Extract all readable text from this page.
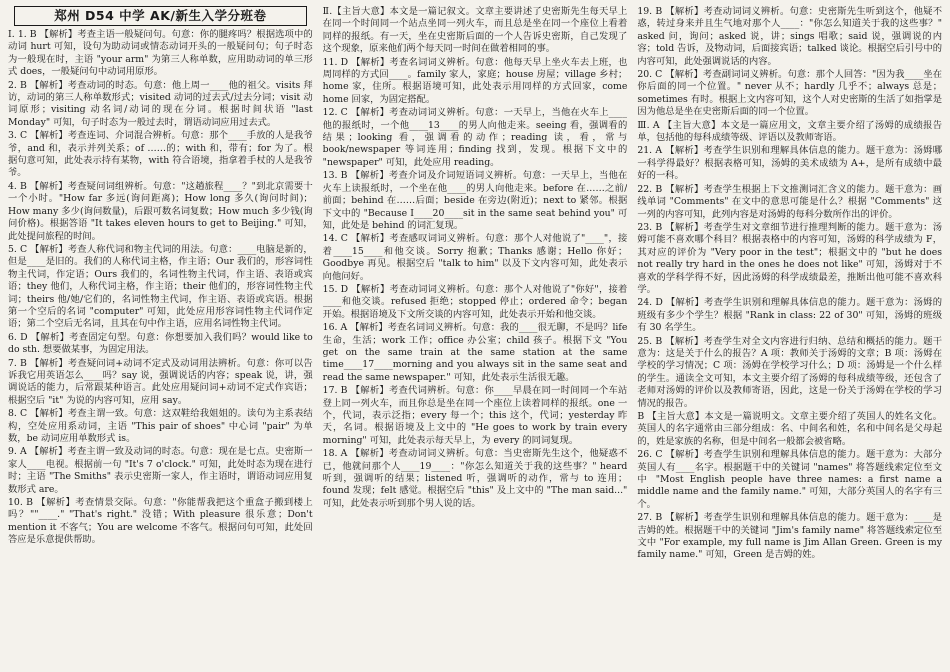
郑州 D54 中学 AK/新生入学分班卷

Ⅰ. 1. B 【解析】考查主语一般疑问句。句意：你的腿疼吗？根据选项中的动词 hurt 可知，设句为助动词或情态动词开头的一般疑问句；句子时态为一般现在时，主语 "your arm" 为第三人称单数，应用助动词的单三形式 does，一般疑问句中动词用原形。

2. B 【解析】考查动词的时态。句意：他上周一____他的祖父。visits 拜访，动词的第三人称单数形式；visited 动词的过去式/过去分词；visit 动词原形；visiting 动名词/动词的现在分词。根据时间状语 "last Monday" 可知，句子时态为一般过去时，谓语动词应用过去式。

3. C 【解析】考查连词、介词混合辨析。句意：那个____手放的人是我爷爷，and 和，表示并列关系；of ……的；with 和，带有；for 为了。根据句意可知，此处表示持有某物，with 符合语境，指拿着手杖的人是我爷爷。

4. B 【解析】考查疑问词组辨析。句意："这趟旅程____？"到北京需要十一个小时。"How far 多远(询问距离)；How long 多久(询问时间)；How many 多少(询问数量)，后跟可数名词复数；How much 多少钱(询问价格)。根据答语 "It takes eleven hours to get to Beijing." 可知，此处提问旅程的时间。

5. C 【解析】考查人称代词和物主代词的用法。句意：____电脑是新的，但是____是旧的。我们的人称代词主格，作主语；Our 我们的，形容词性物主代词，作定语；Ours 我们的，名词性物主代词，作主语、表语或宾语；they 他们，人称代词主格，作主语；their 他们的，形容词性物主代词；theirs 他/她/它们的，名词性物主代词，作主语、表语或宾语。根据第一个空后的名词 "computer" 可知，此处应用形容词性物主代词作定语；第二个空后无名词，且其在句中作主语，应用名词性物主代词。

6. D 【解析】考查固定句型。句意：你想要加入我们吗？would like to do sth. 想要做某事，为固定用法。

7. B 【解析】考查疑问词+动词不定式及动词用法辨析。句意：你可以告诉我它用英语怎么____吗？say 说，强调说话的内容；speak 说，讲，强调说话的能力，后常跟某种语言。此处应用疑问词+动词不定式作宾语；根据空后 "it" 为说的内容可知，应用 say。

8. C 【解析】考查主谓一致。句意：这双鞋给我姐姐的。读句为主系表结构，空处应用系动词，主语 "This pair of shoes" 中心词 "pair" 为单数，be 动词应用单数形式 is。

9. A 【解析】考查主谓一致及动词的时态。句意：现在是七点。史密斯一家人____电视。根据前一句 "It's 7 o'clock." 可知，此处时态为现在进行时；主语 "The Smiths" 表示史密斯一家人，作主语时，谓语动词应用复数形式 are。

10. B 【解析】考查情景交际。句意："你能帮我把这个重盒子搬到楼上吗？""____." "That's right." 没错；With pleasure 很乐意；Don't mention it 不客气；You are welcome 不客气。根据问句可知，此处回答应是乐意提供帮助。

Ⅱ.【主旨大意】本文是一篇记叙文。文章主要讲述了史密斯先生每天早上在同一个时间同一个站点坐同一列火车，而且总是坐在同一个座位上看着同样的报纸。有一天，坐在史密斯后面的一个人告诉史密斯，自己发现了这个现象，原来他们两个每天同一时间在做着相同的事。

11. D 【解析】考查名词词义辨析。句意：他每天早上坐火车去上班，也周同样的方式回____。family 家人，家庭；house 房屋；village 乡村；home 家，住所。根据语境可知，此处表示用同样的方式回家，come home 回家，为固定搭配。

12. C 【解析】考查动词词义辨析。句意：一天早上，当他在火车上____他的报纸时，一个他____13____的男人向他走来。seeing 看，强调看的结果；looking 看，强调看的动作；reading 读，看，常与 book/newspaper 等词连用；finding 找到，发现。根据下文中的 "newspaper" 可知，此处应用 reading。

13. B 【解析】考查介词及介词短语词义辨析。句意：一天早上，当他在火车上读报纸时，一个坐在他____的男人向他走来。before 在……之前/前面；behind 在……后面；beside 在旁边(附近)；next to 紧邻。根据下文中的 "Because I____20____sit in the same seat behind you" 可知，此处是 behind 的词汇复现。

14. C 【解析】考查感叹词词义辨析。句意：那个人对他说了"____"，接着____15____和他交谈。Sorry 抱歉；Thanks 感谢；Hello 你好；Goodbye 再见。根据空后 "talk to him" 以及下文内容可知，此处表示向他问好。

15. D 【解析】考查动词词义辨析。句意：那个人对他说了"你好"，接着____和他交谈。refused 拒绝；stopped 停止；ordered 命令；began 开始。根据语境及下文所交谈的内容可知，此处表示开始和他交谈。

16. A 【解析】考查名词词义辨析。句意：我的____很无聊，不是吗？life 生命，生活；work 工作；office 办公室；child 孩子。根据下文 "You get on the same train at the same station at the same time____17____morning and you always sit in the same seat and read the same newspaper." 可知，此处表示生活很无趣。

17. B 【解析】考查代词辨析。句意：你____早晨在同一时间同一个车站登上同一列火车，而且你总是坐在同一个座位上读着同样的报纸。one 一个，代词，表示泛指；every 每一个；this 这个，代词；yesterday 昨天，名词。根据语境及上文中的 "He goes to work by train every morning" 可知，此处表示每天早上，为 every 的同词复现。

18. A 【解析】考查动词词义辨析。句意：当史密斯先生这个，他疑惑不已，他就问那个人____19____："你怎么知道关于我的这些事？" heard 听到，强调听的结果；listened 听，强调听的动作，常与 to 连用；found 发现；felt 感觉。根据空后 "this" 及上文中的 "The man said..." 可知，此处表示听到那个男人说的话。

19. B 【解析】考查动词词义辨析。句意：史密斯先生听到这个，他疑不惑，转过身来并且生气地对那个人____："你怎么知道关于我的这些事？" asked 问，询问；asked 说，讲；sings 唱歌；said 说，强调说的内容；told 告诉，及物动词，后面接宾语；talked 谈论。根据空后引号中的内容可知，此处强调说话的内容。

20. C 【解析】考查副词词义辨析。句意：那个人回答："因为我____坐在你后面的同一个位置。" never 从不；hardly 几乎不；always 总是；sometimes 有时。根据上文内容可知，这个人对史密斯的生活了如指掌是因为他总是坐在史密斯后面的同一个位置。

Ⅲ. A 【主旨大意】本文是一篇应用文，文章主要介绍了汤姆的成绩报告单，包括他的每科成绩等级、评语以及教师寄语。

21. A 【解析】考查学生识别和理解具体信息的能力。题干意为：汤姆哪一科学得最好？根据表格可知，汤姆的美术成绩为 A+，是所有成绩中最好的一科。

22. B 【解析】考查学生根据上下文推测词汇含义的能力。题干意为：画线单词 "Comments" 在文中的意思可能是什么？根据 "Comments" 这一列的内容可知，此列内容是对汤姆的每科分数所作出的评价。

23. B 【解析】考查学生对文章细节进行推理判断的能力。题干意为：汤姆可能不喜欢哪个科目？根据表格中的内容可知，汤姆的科学成绩为 F，其对应的评价为 "Very poor in the test"；根据文中的 "but he does not really try hard in the ones he does not like" 可知，汤姆对于不喜欢的学科学得不好，因此汤姆的科学成绩最差，推断出他可能不喜欢科学。

24. D 【解析】考查学生识别和理解具体信息的能力。题干意为：汤姆的班级有多少个学生？根据 "Rank in class: 22 of 30" 可知，汤姆的班级有 30 名学生。

25. B 【解析】考查学生对全文内容进行归纳、总结和概括的能力。题干意为：这是关于什么的报告？A 项：教师关于汤姆的文章；B 项：汤姆在学校的学习情况；C 项：汤姆在学校学习什么；D 项：汤姆是一个什么样的学生。通读全文可知，本文主要介绍了汤姆的每科成绩等级，还包含了老师对汤姆的评价以及教师寄语，因此，这是一份关于汤姆在学校的学习情况的报告。

B 【主旨大意】本文是一篇说明文。文章主要介绍了英国人的姓名文化。英国人的名字通常由三部分组成：名、中间名和姓，名和中间名是父母起的，姓是家族的名称，但是中间名一般都会被省略。

26. C 【解析】考查学生识别和理解具体信息的能力。题干意为：大部分英国人有____名字。根据题干中的关键词 "names" 将答题线索定位至文中 "Most English people have three names: a first name a middle name and the family name." 可知，大部分英国人的名字有三个。

27. B 【解析】考查学生识别和理解具体信息的能力。题干意为：____是吉姆的姓。根据题干中的关键词 "Jim's family name" 将答题线索定位至文中 "For example, my full name is Jim Allan Green. Green is my family name." 可知，Green 是吉姆的姓。
